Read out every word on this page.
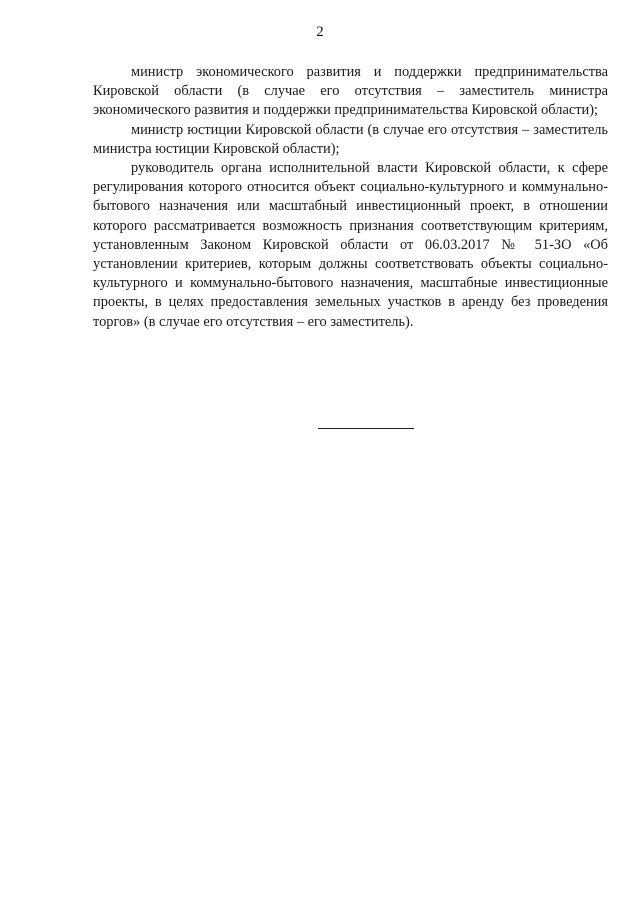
2

министр экономического развития и поддержки предпринимательства Кировской области (в случае его отсутствия – заместитель министра экономического развития и поддержки предпринимательства Кировской области);

министр юстиции Кировской области (в случае его отсутствия – заместитель министра юстиции Кировской области);

руководитель органа исполнительной власти Кировской области, к сфере регулирования которого относится объект социально-культурного и коммунально-бытового назначения или масштабный инвестиционный проект, в отношении которого рассматривается возможность признания соответствующим критериям, установленным Законом Кировской области от 06.03.2017 № 51-ЗО «Об установлении критериев, которым должны соответствовать объекты социально-культурного и коммунально-бытового назначения, масштабные инвестиционные проекты, в целях предоставления земельных участков в аренду без проведения торгов» (в случае его отсутствия – его заместитель).
